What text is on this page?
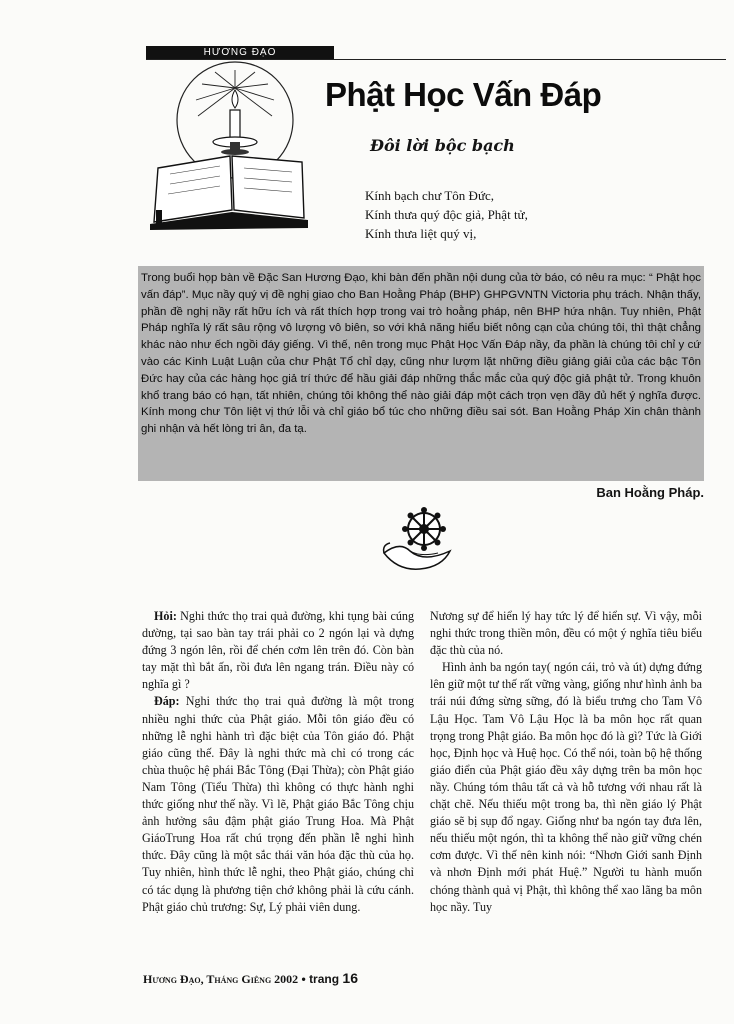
HƯƠNG ĐẠO
Phật Học Vấn Đáp
Đôi lời bộc bạch
Kính bạch chư Tôn Đức,
Kính thưa quý độc giả, Phật tử,
Kính thưa liệt quý vị,
Trong buổi họp bàn về Đặc San Hương Đạo, khi bàn đến phần nội dung của tờ báo, có nêu ra mục: “ Phật học vấn đáp”. Mục nầy quý vị đề nghị giao cho Ban Hoằng Pháp (BHP) GHPGVNTN Victoria phụ trách. Nhận thấy, phần đề nghị nầy rất hữu ích và rất thích hợp trong vai trò hoằng pháp, nên BHP hứa nhận. Tuy nhiên, Phật Pháp nghĩa lý rất sâu rộng vô lượng vô biên, so với khả năng hiểu biết nông cạn của chúng tôi, thì thật chẳng khác nào như ếch ngồi đáy giếng. Vì thế, nên trong mục Phật Học Vấn Đáp nầy, đa phần là chúng tôi chỉ y cứ vào các Kinh Luật Luận của chư Phật Tổ chỉ dạy, cũng như lượm lặt những điều giảng giải của các bậc Tôn Đức hay của các hàng học giả trí thức để hầu giải đáp những thắc mắc của quý độc giả phật tử. Trong khuôn khổ trang báo có hạn, tất nhiên, chúng tôi không thể nào giải đáp một cách trọn vẹn đầy đủ hết ý nghĩa được. Kính mong chư Tôn liệt vị thứ lỗi và chỉ giáo bổ túc cho những điều sai sót. Ban Hoằng Pháp Xin chân thành ghi nhận và hết lòng tri ân, đa tạ.
Ban Hoằng Pháp.

Hỏi: Nghi thức thọ trai quả đường, khi tụng bài cúng dường, tại sao bàn tay trái phải co 2 ngón lại và dựng đứng 3 ngón lên, rồi để chén cơm lên trên đó. Còn bàn tay mặt thì bắt ấn, rồi đưa lên ngang trán. Điều này có nghĩa gì ?

Đáp: Nghi thức thọ trai quả đường là một trong nhiều nghi thức của Phật giáo. Mỗi tôn giáo đều có những lễ nghi hành trì đặc biệt của Tôn giáo đó. Phật giáo cũng thế. Đây là nghi thức mà chỉ có trong các chùa thuộc hệ phái Bắc Tông (Đại Thừa); còn Phật giáo Nam Tông (Tiểu Thừa) thì không có thực hành nghi thức giống như thế nầy. Vì lẽ, Phật giáo Bắc Tông chịu ảnh hưởng sâu đậm phật giáo Trung Hoa. Mà Phật GiáoTrung Hoa rất chú trọng đến phần lễ nghi hình thức. Đây cũng là một sắc thái văn hóa đặc thù của họ. Tuy nhiên, hình thức lễ nghi, theo Phật giáo, chúng chỉ có tác dụng là phương tiện chớ không phải là cứu cánh. Phật giáo chủ trương: Sự, Lý phải viên dung.

Nương sự để hiển lý hay tức lý để hiển sự. Vì vậy, mỗi nghi thức trong thiền môn, đều có một ý nghĩa tiêu biểu đặc thù của nó.

Hình ảnh ba ngón tay( ngón cái, trỏ và út) dựng đứng lên giữ một tư thế rất vững vàng, giống như hình ảnh ba trái núi đứng sừng sững, đó là biểu trưng cho Tam Vô Lậu Học. Tam Vô Lậu Học là ba môn học rất quan trọng trong Phật giáo. Ba môn học đó là gì? Tức là Giới học, Định học và Huệ học. Có thể nói, toàn bộ hệ thống giáo điển của Phật giáo đều xây dựng trên ba môn học nầy. Chúng tóm thâu tất cả và hỗ tương với nhau rất là chặt chẽ. Nếu thiếu một trong ba, thì nền giáo lý Phật giáo sẽ bị sụp đổ ngay. Giống như ba ngón tay đưa lên, nếu thiếu một ngón, thì ta không thể nào giữ vững chén cơm được. Vì thế nên kinh nói: “Nhơn Giới sanh Định và nhơn Định mới phát Huệ.” Người tu hành muốn chóng thành quả vị Phật, thì không thể xao lãng ba môn học nầy. Tuy

Hương Đạo, Tháng Giêng 2002 • trang 16
